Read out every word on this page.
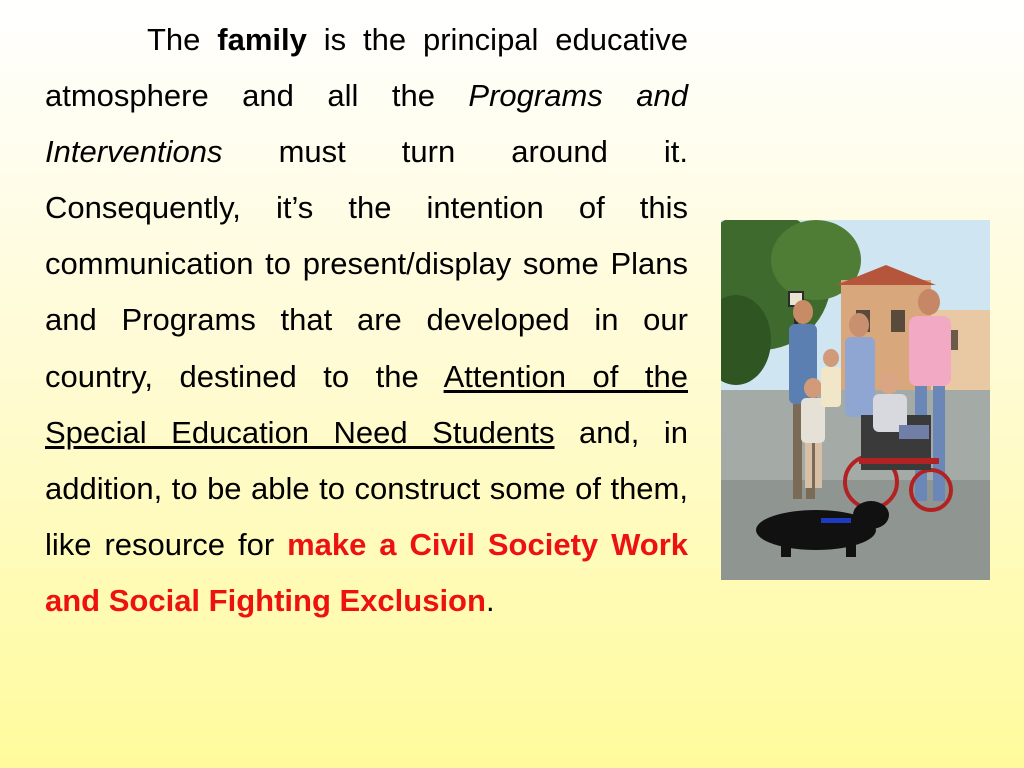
The family is the principal educative atmosphere and all the Programs and Interventions must turn around it. Consequently, it’s the intention of this communication to present/display some Plans and Programs that are developed in our country, destined to the Attention of the Special Education Need Students and, in addition, to be able to construct some of them, like resource for make a Civil Society Work and Social Fighting Exclusion.
